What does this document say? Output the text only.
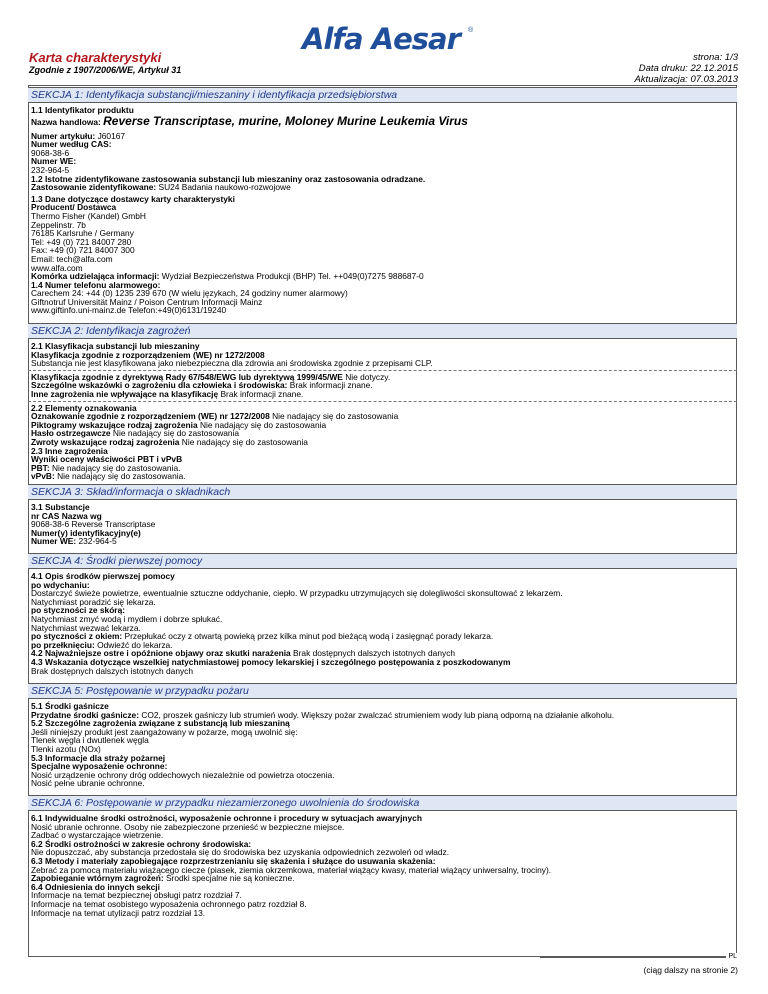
Karta charakterystyki
Zgodnie z 1907/2006/WE, Artykuł 31
Alfa Aesar	®
strona: 1/3
Data druku: 22.12.2015
Aktualizacja: 07.03.2013
SEKCJA 1: Identyfikacja substancji/mieszaniny i identyfikacja przedsiębiorstwa
1.1 Identyfikator produktu
Nazwa handlowa: Reverse Transcriptase, murine, Moloney Murine Leukemia Virus
Numer artykułu: J60167
Numer według CAS:
9068-38-6
Numer WE:
232-964-5
1.2 Istotne zidentyfikowane zastosowania substancji lub mieszaniny oraz zastosowania odradzane.
Zastosowanie zidentyfikowane: SU24 Badania naukowo-rozwojowe
1.3 Dane dotyczące dostawcy karty charakterystyki
Producent/ Dostawca
Thermo Fisher (Kandel) GmbH
Zeppelinstr. 7b
76185 Karlsruhe / Germany
Tel: +49 (0) 721 84007 280
Fax: +49 (0) 721 84007 300
Email: tech@alfa.com
www.alfa.com
Komórka udzielająca informacji: Wydział Bezpieczeństwa Produkcji (BHP) Tel. ++049(0)7275 988687-0
1.4 Numer telefonu alarmowego:
Carechem 24: +44 (0) 1235 239 670 (W wielu językach, 24 godziny numer alarmowy)
Giftnotruf Universität Mainz / Poison Centrum Informacji Mainz
www.giftinfo.uni-mainz.de Telefon:+49(0)6131/19240
SEKCJA 2: Identyfikacja zagrożeń
2.1 Klasyfikacja substancji lub mieszaniny
Klasyfikacja zgodnie z rozporządzeniem (WE) nr 1272/2008
Substancja nie jest klasyfikowana jako niebezpieczna dla zdrowia ani środowiska zgodnie z przepisami CLP.
Klasyfikacja zgodnie z dyrektywą Rady 67/548/EWG lub dyrektywą 1999/45/WE Nie dotyczy.
Szczególne wskazówki o zagrożeniu dla człowieka i środowiska: Brak informacji znane.
Inne zagrożenia nie wpływające na klasyfikację Brak informacji znane.
2.2 Elementy oznakowania
Oznakowanie zgodnie z rozporządzeniem (WE) nr 1272/2008 Nie nadający się do zastosowania
Piktogramy wskazujące rodzaj zagrożenia Nie nadający się do zastosowania
Hasło ostrzegawcze Nie nadający się do zastosowania
Zwroty wskazujące rodzaj zagrożenia Nie nadający się do zastosowania
2.3 Inne zagrożenia
Wyniki oceny właściwości PBT i vPvB
PBT: Nie nadający się do zastosowania.
vPvB: Nie nadający się do zastosowania.
SEKCJA 3: Skład/informacja o składnikach
3.1 Substancje
nr CAS Nazwa wg
9068-38-6 Reverse Transcriptase
Numer(y) identyfikacyjny(e)
Numer WE: 232-964-5
SEKCJA 4: Środki pierwszej pomocy
4.1 Opis środków pierwszej pomocy
po wdychaniu:
Dostarczyć świeże powietrze, ewentualnie sztuczne oddychanie, ciepło. W przypadku utrzymujących się dolegliwości skonsultować z lekarzem.
Natychmiast poradzić się lekarza.
po styczności ze skórą:
Natychmiast zmyć wodą i mydłem i dobrze spłukać.
Natychmiast wezwać lekarza.
po styczności z okiem: Przepłukać oczy z otwartą powieką przez kilka minut pod bieżącą wodą i zasięgnąć porady lekarza.
po przełknięciu: Odwieźć do lekarza.
4.2 Najważniejsze ostre i opóźnione objawy oraz skutki narażenia Brak dostępnych dalszych istotnych danych
4.3 Wskazania dotyczące wszelkiej natychmiastowej pomocy lekarskiej i szczególnego postępowania z poszkodowanym
Brak dostępnych dalszych istotnych danych
SEKCJA 5: Postępowanie w przypadku pożaru
5.1 Środki gaśnicze
Przydatne środki gaśnicze: CO2, proszek gaśniczy lub strumień wody. Większy pożar zwalczać strumieniem wody lub pianą odporną na działanie alkoholu.
5.2 Szczególne zagrożenia związane z substancją lub mieszaniną
Jeśli niniejszy produkt jest zaangażowany w pożarze, mogą uwolnić się:
Tlenek węgla i dwutlenek węgla
Tlenki azotu (NOx)
5.3 Informacje dla straży pożarnej
Specjalne wyposażenie ochronne:
Nosić urządzenie ochrony dróg oddechowych niezależnie od powietrza otoczenia.
Nosić pełne ubranie ochronne.
SEKCJA 6: Postępowanie w przypadku niezamierzonego uwolnienia do środowiska
6.1 Indywidualne środki ostrożności, wyposażenie ochronne i procedury w sytuacjach awaryjnych
Nosić ubranie ochronne. Osoby nie zabezpieczone przenieść w bezpieczne miejsce.
Zadbać o wystarczające wietrzenie.
6.2 Środki ostrożności w zakresie ochrony środowiska:
Nie dopuszczać, aby substancja przedostała się do środowiska bez uzyskania odpowiednich zezwoleń od władz.
6.3 Metody i materiały zapobiegające rozprzestrzenianiu się skażenia i służące do usuwania skażenia:
Zebrać za pomocą materiału wiążącego ciecze (piasek, ziemia okrzemkowa, materiał wiążący kwasy, materiał wiążący uniwersalny, trociny).
Zapobieganie wtórnym zagrożeń: Środki specjalne nie są konieczne.
6.4 Odniesienia do innych sekcji
Informacje na temat bezpiecznej obsługi patrz rozdział 7.
Informacje na temat osobistego wyposażenia ochronnego patrz rozdział 8.
Informacje na temat utylizacji patrz rozdział 13.
PL
(ciąg dalszy na stronie 2)
